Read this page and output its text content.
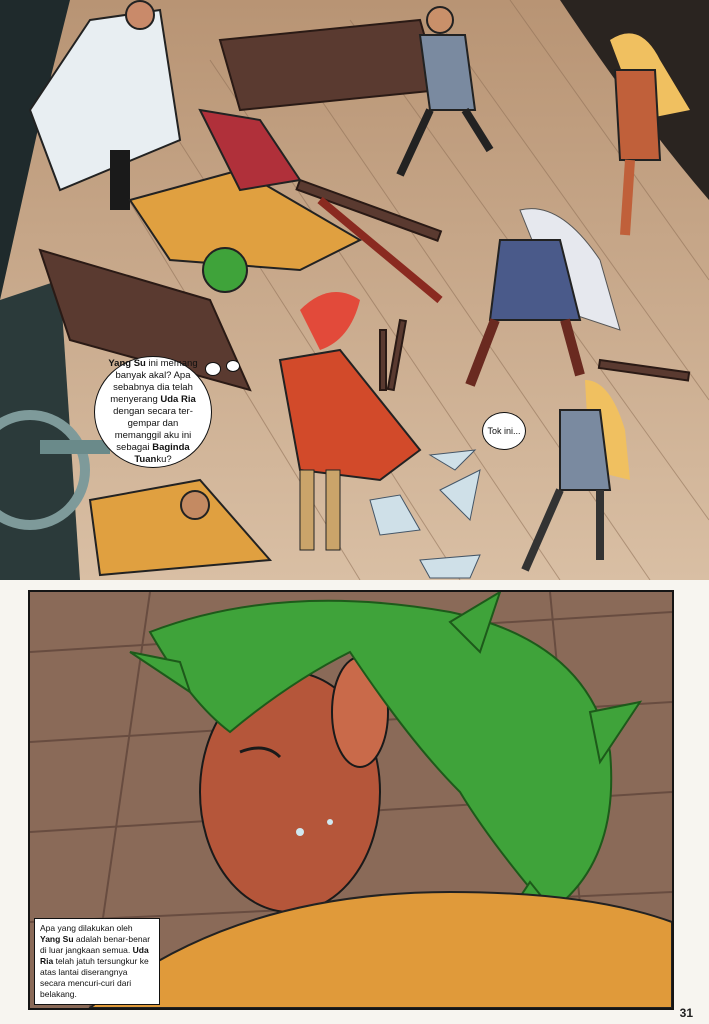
Yang Su ini memang banyak akal? Apa sebabnya dia telah menyerang Uda Ria dengan secara ter-gempar dan memanggil aku ini sebagai Baginda Tuanku?
Tok ini...
Apa yang dilakukan oleh Yang Su adalah benar-benar di luar jangkaan semua. Uda Ria telah jatuh tersungkur ke atas lantai diserangnya secara mencuri-curi dari belakang.
31
